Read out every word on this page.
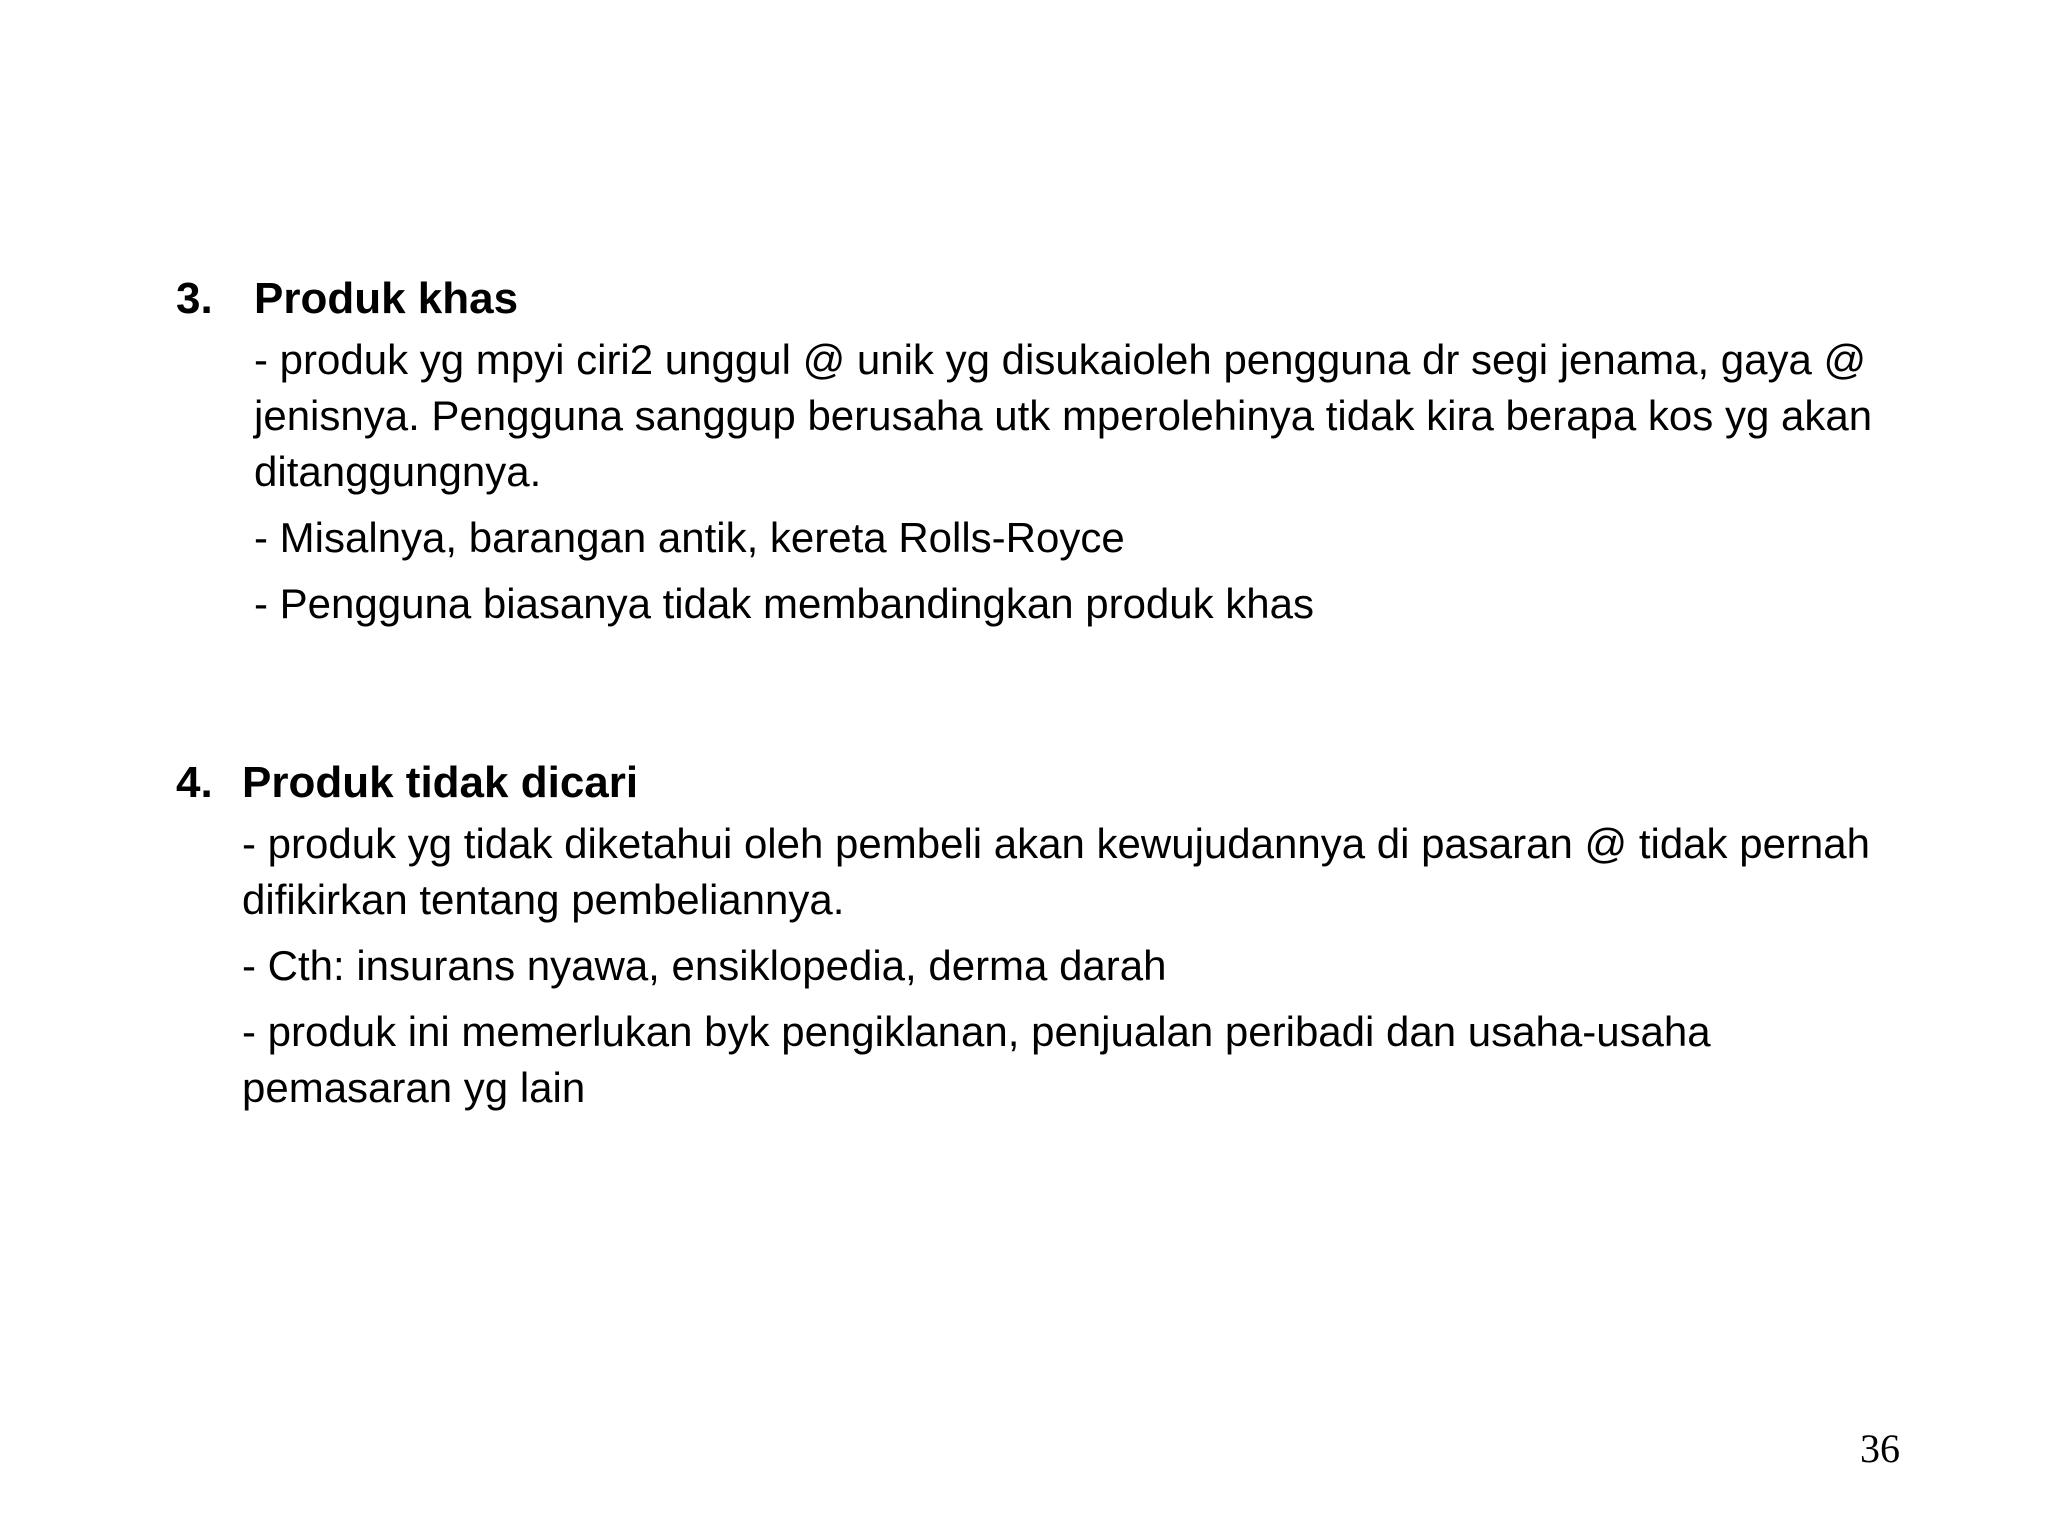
3. Produk khas
- produk yg mpyi ciri2 unggul @ unik yg disukaioleh pengguna dr segi jenama, gaya @ jenisnya. Pengguna sanggup berusaha utk mperolehinya tidak kira berapa kos yg akan ditanggungnya.
- Misalnya, barangan antik, kereta Rolls-Royce
- Pengguna biasanya tidak membandingkan produk khas
4. Produk tidak dicari
- produk yg tidak diketahui oleh pembeli akan kewujudannya di pasaran @ tidak pernah difikirkan tentang pembeliannya.
- Cth: insurans nyawa, ensiklopedia, derma darah
- produk ini memerlukan byk pengiklanan, penjualan peribadi dan usaha-usaha pemasaran yg lain
36
